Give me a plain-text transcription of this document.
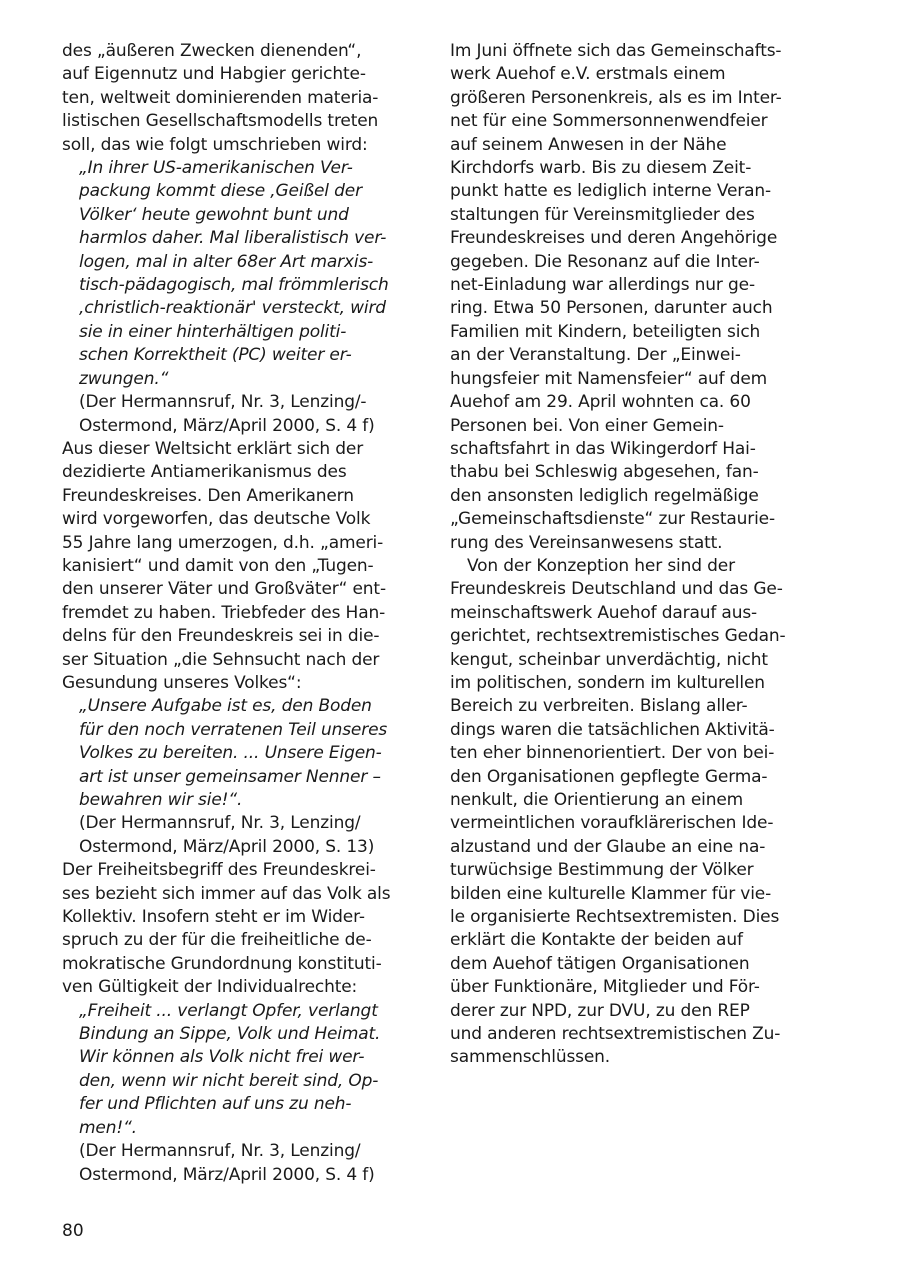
des „äußeren Zwecken dienenden“,
auf Eigennutz und Habgier gerichte-
ten, weltweit dominierenden materia-
listischen Gesellschaftsmodells treten
soll, das wie folgt umschrieben wird:
„In ihrer US-amerikanischen Ver-
packung kommt diese ‚Geißel der
Völker‘ heute gewohnt bunt und
harmlos daher. Mal liberalistisch ver-
logen, mal in alter 68er Art marxis-
tisch-pädagogisch, mal frömmlerisch
‚christlich-reaktionär' versteckt, wird
sie in einer hinterhältigen politi-
schen Korrektheit (PC) weiter er-
zwungen.“
(Der Hermannsruf, Nr. 3, Lenzing/-
Ostermond, März/April 2000, S. 4 f)
Aus dieser Weltsicht erklärt sich der
dezidierte Antiamerikanismus des
Freundeskreises. Den Amerikanern
wird vorgeworfen, das deutsche Volk
55 Jahre lang umerzogen, d.h. „ameri-
kanisiert“ und damit von den „Tugen-
den unserer Väter und Großväter“ ent-
fremdet zu haben. Triebfeder des Han-
delns für den Freundeskreis sei in die-
ser Situation „die Sehnsucht nach der
Gesundung unseres Volkes“:
„Unsere Aufgabe ist es, den Boden
für den noch verratenen Teil unseres
Volkes zu bereiten. ... Unsere Eigen-
art ist unser gemeinsamer Nenner –
bewahren wir sie!“.
(Der Hermannsruf, Nr. 3, Lenzing/
Ostermond, März/April 2000, S. 13)
Der Freiheitsbegriff des Freundeskrei-
ses bezieht sich immer auf das Volk als
Kollektiv. Insofern steht er im Wider-
spruch zu der für die freiheitliche de-
mokratische Grundordnung konstituti-
ven Gültigkeit der Individualrechte:
„Freiheit ... verlangt Opfer, verlangt
Bindung an Sippe, Volk und Heimat.
Wir können als Volk nicht frei wer-
den, wenn wir nicht bereit sind, Op-
fer und Pflichten auf uns zu neh-
men!“.
(Der Hermannsruf, Nr. 3, Lenzing/
Ostermond, März/April 2000, S. 4 f)
Im Juni öffnete sich das Gemeinschafts-
werk Auehof e.V. erstmals einem
größeren Personenkreis, als es im Inter-
net für eine Sommersonnenwendfeier
auf seinem Anwesen in der Nähe
Kirchdorfs warb. Bis zu diesem Zeit-
punkt hatte es lediglich interne Veran-
staltungen für Vereinsmitglieder des
Freundeskreises und deren Angehörige
gegeben. Die Resonanz auf die Inter-
net-Einladung war allerdings nur ge-
ring. Etwa 50 Personen, darunter auch
Familien mit Kindern, beteiligten sich
an der Veranstaltung. Der „Einwei-
hungsfeier mit Namensfeier“ auf dem
Auehof am 29. April wohnten ca. 60
Personen bei. Von einer Gemein-
schaftsfahrt in das Wikingerdorf Hai-
thabu bei Schleswig abgesehen, fan-
den ansonsten lediglich regelmäßige
„Gemeinschaftsdienste“ zur Restaurie-
rung des Vereinsanwesens statt.
Von der Konzeption her sind der
Freundeskreis Deutschland und das Ge-
meinschaftswerk Auehof darauf aus-
gerichtet, rechtsextremistisches Gedan-
kengut, scheinbar unverdächtig, nicht
im politischen, sondern im kulturellen
Bereich zu verbreiten. Bislang aller-
dings waren die tatsächlichen Aktivitä-
ten eher binnenorientiert. Der von bei-
den Organisationen gepflegte Germa-
nenkult, die Orientierung an einem
vermeintlichen voraufklärerischen Ide-
alzustand und der Glaube an eine na-
turwüchsige Bestimmung der Völker
bilden eine kulturelle Klammer für vie-
le organisierte Rechtsextremisten. Dies
erklärt die Kontakte der beiden auf
dem Auehof tätigen Organisationen
über Funktionäre, Mitglieder und För-
derer zur NPD, zur DVU, zu den REP
und anderen rechtsextremistischen Zu-
sammenschlüssen.
80
